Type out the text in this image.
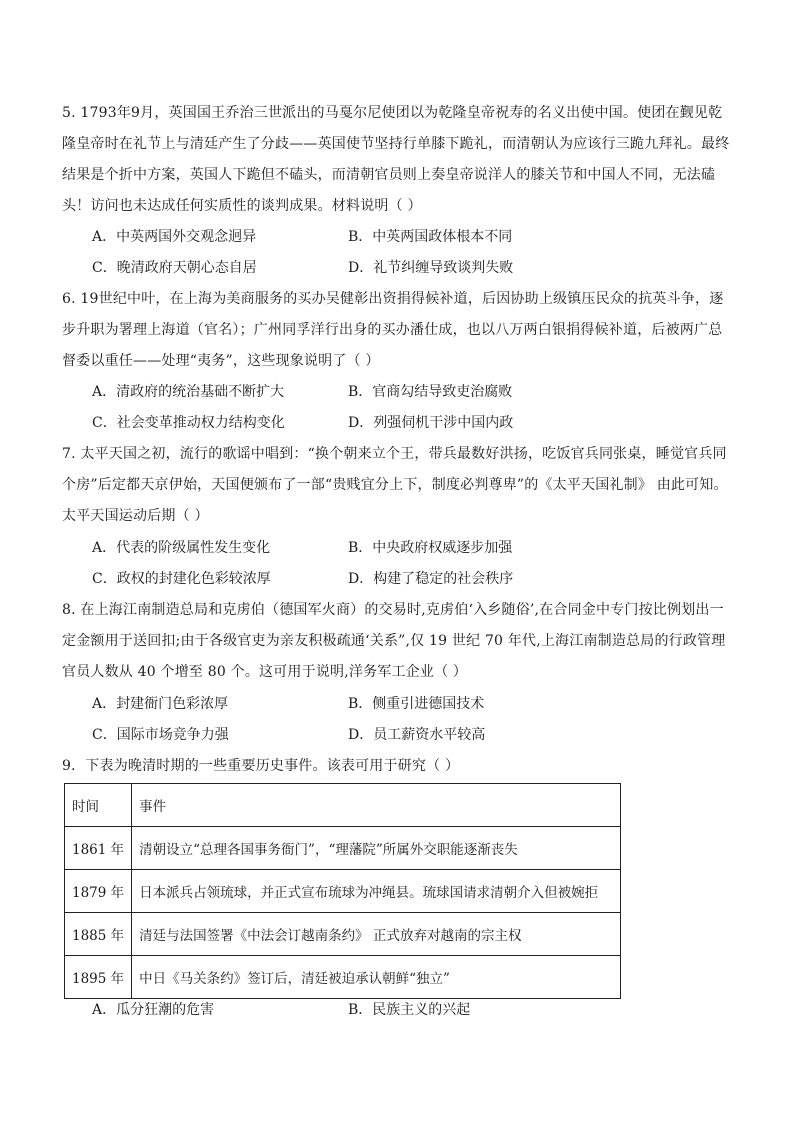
5. 1793年9月，英国国王乔治三世派出的马戛尔尼使团以为乾隆皇帝祝寿的名义出使中国。使团在觐见乾隆皇帝时在礼节上与清廷产生了分歧——英国使节坚持行单膝下跪礼，而清朝认为应该行三跪九拜礼。最终结果是个折中方案，英国人下跪但不磕头，而清朝官员则上奏皇帝说洋人的膝关节和中国人不同，无法磕头！访问也未达成任何实质性的谈判成果。材料说明（ ）
A．中英两国外交观念迥异	B．中英两国政体根本不同
C．晚清政府天朝心态自居	D．礼节纠缠导致谈判失败
6. 19世纪中叶，在上海为美商服务的买办吴健彰出资捐得候补道，后因协助上级镇压民众的抗英斗争，逐步升职为署理上海道（官名）；广州同孚洋行出身的买办潘仕成，也以八万两白银捐得候补道，后被两广总督委以重任——处理“夷务”，这些现象说明了（ ）
A．清政府的统治基础不断扩大	B．官商勾结导致吏治腐败
C．社会变革推动权力结构变化	D．列强伺机干涉中国内政
7. 太平天国之初，流行的歌谣中唱到：“换个朝来立个王，带兵最数好洪扬，吃饭官兵同张桌，睡觉官兵同个房”后定都天京伊始，天国便颁布了一部“贵贱宜分上下，制度必判尊卑”的《太平天国礼制》 由此可知。太平天国运动后期（ ）
A．代表的阶级属性发生变化	B．中央政府权威逐步加强
C．政权的封建化色彩较浓厚	D．构建了稳定的社会秩序
8. 在上海江南制造总局和克虏伯（德国军火商）的交易时,克虏伯‘入乡随俗’,在合同金中专门按比例划出一定金额用于送回扣;由于各级官吏为亲友积极疏通‘关系”,仅 19 世纪 70 年代,上海江南制造总局的行政管理官员人数从 40 个增至 80 个。这可用于说明,洋务军工企业（ ）
A．封建衙门色彩浓厚	B．侧重引进德国技术
C．国际市场竞争力强	D．员工薪资水平较高
9．下表为晚清时期的一些重要历史事件。该表可用于研究（ ）
时间	事件
1861 年	清朝设立“总理各国事务衙门”，“理藩院”所属外交职能逐渐丧失
1879 年	日本派兵占领琉球，并正式宣布琉球为冲绳县。琉球国请求清朝介入但被婉拒
1885 年	清廷与法国签署《中法会订越南条约》 正式放弃对越南的宗主权
1895 年	中日《马关条约》签订后，清廷被迫承认朝鲜“独立”
A．瓜分狂潮的危害	B．民族主义的兴起
